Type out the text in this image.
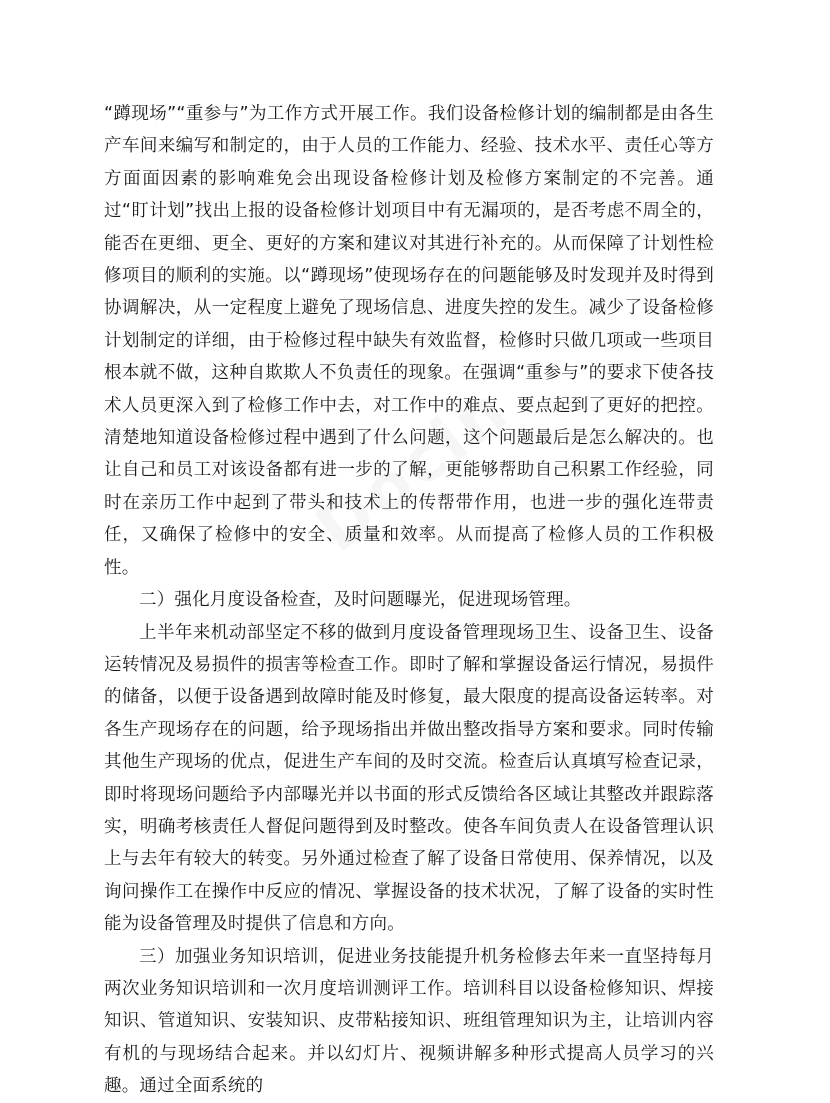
“蹲现场”“重参与”为工作方式开展工作。我们设备检修计划的编制都是由各生产车间来编写和制定的，由于人员的工作能力、经验、技术水平、责任心等方方面面因素的影响难免会出现设备检修计划及检修方案制定的不完善。通过“盯计划”找出上报的设备检修计划项目中有无漏项的，是否考虑不周全的，能否在更细、更全、更好的方案和建议对其进行补充的。从而保障了计划性检修项目的顺利的实施。以“蹲现场”使现场存在的问题能够及时发现并及时得到协调解决，从一定程度上避免了现场信息、进度失控的发生。减少了设备检修计划制定的详细，由于检修过程中缺失有效监督，检修时只做几项或一些项目根本就不做，这种自欺欺人不负责任的现象。在强调“重参与”的要求下使各技术人员更深入到了检修工作中去，对工作中的难点、要点起到了更好的把控。清楚地知道设备检修过程中遇到了什么问题，这个问题最后是怎么解决的。也让自己和员工对该设备都有进一步的了解，更能够帮助自己积累工作经验，同时在亲历工作中起到了带头和技术上的传帮带作用，也进一步的强化连带责任，又确保了检修中的安全、质量和效率。从而提高了检修人员的工作积极性。

二）强化月度设备检查，及时问题曝光，促进现场管理。

上半年来机动部坚定不移的做到月度设备管理现场卫生、设备卫生、设备运转情况及易损件的损害等检查工作。即时了解和掌握设备运行情况，易损件的储备，以便于设备遇到故障时能及时修复，最大限度的提高设备运转率。对各生产现场存在的问题，给予现场指出并做出整改指导方案和要求。同时传输其他生产现场的优点，促进生产车间的及时交流。检查后认真填写检查记录，即时将现场问题给予内部曝光并以书面的形式反馈给各区域让其整改并跟踪落实，明确考核责任人督促问题得到及时整改。使各车间负责人在设备管理认识上与去年有较大的转变。另外通过检查了解了设备日常使用、保养情况，以及询问操作工在操作中反应的情况、掌握设备的技术状况，了解了设备的实时性能为设备管理及时提供了信息和方向。

三）加强业务知识培训，促进业务技能提升机务检修去年来一直坚持每月两次业务知识培训和一次月度培训测评工作。培训科目以设备检修知识、焊接知识、管道知识、安装知识、皮带粘接知识、班组管理知识为主，让培训内容有机的与现场结合起来。并以幻灯片、视频讲解多种形式提高人员学习的兴趣。通过全面系统的
